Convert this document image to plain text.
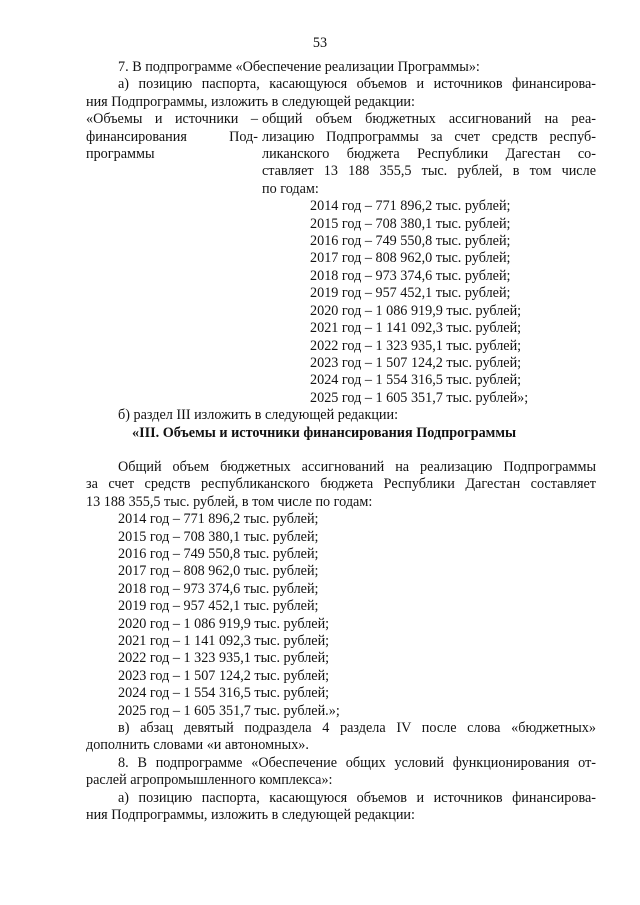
53

7. В подпрограмме «Обеспечение реализации Программы»:

а) позицию паспорта, касающуюся объемов и источников финансирова-

ния Подпрограммы, изложить в следующей редакции:

«Объемы и источники –

финансирования Под-

программы

общий объем бюджетных ассигнований на реа-

лизацию Подпрограммы за счет средств респуб-

ликанского бюджета Республики Дагестан со-

ставляет 13 188 355,5 тыс. рублей, в том числе

по годам:

2014 год – 771 896,2 тыс. рублей;
2015 год – 708 380,1 тыс. рублей;
2016 год – 749 550,8 тыс. рублей;
2017 год – 808 962,0 тыс. рублей;
2018 год – 973 374,6 тыс. рублей;
2019 год – 957 452,1 тыс. рублей;
2020 год – 1 086 919,9 тыс. рублей;
2021 год – 1 141 092,3 тыс. рублей;
2022 год – 1 323 935,1 тыс. рублей;
2023 год – 1 507 124,2 тыс. рублей;
2024 год – 1 554 316,5 тыс. рублей;
2025 год – 1 605 351,7 тыс. рублей»;

б) раздел III изложить в следующей редакции:

«III. Объемы и источники финансирования Подпрограммы

Общий объем бюджетных ассигнований на реализацию Подпрограммы

за счет средств республиканского бюджета Республики Дагестан составляет

13 188 355,5 тыс. рублей, в том числе по годам:

2014 год – 771 896,2 тыс. рублей;
2015 год – 708 380,1 тыс. рублей;
2016 год – 749 550,8 тыс. рублей;
2017 год – 808 962,0 тыс. рублей;
2018 год – 973 374,6 тыс. рублей;
2019 год – 957 452,1 тыс. рублей;
2020 год – 1 086 919,9 тыс. рублей;
2021 год – 1 141 092,3 тыс. рублей;
2022 год – 1 323 935,1 тыс. рублей;
2023 год – 1 507 124,2 тыс. рублей;
2024 год – 1 554 316,5 тыс. рублей;
2025 год – 1 605 351,7 тыс. рублей.»;

в) абзац девятый подраздела 4 раздела IV после слова «бюджетных»

дополнить словами «и автономных».

8. В подпрограмме «Обеспечение общих условий функционирования от-

раслей агропромышленного комплекса»:

а) позицию паспорта, касающуюся объемов и источников финансирова-

ния Подпрограммы, изложить в следующей редакции:
